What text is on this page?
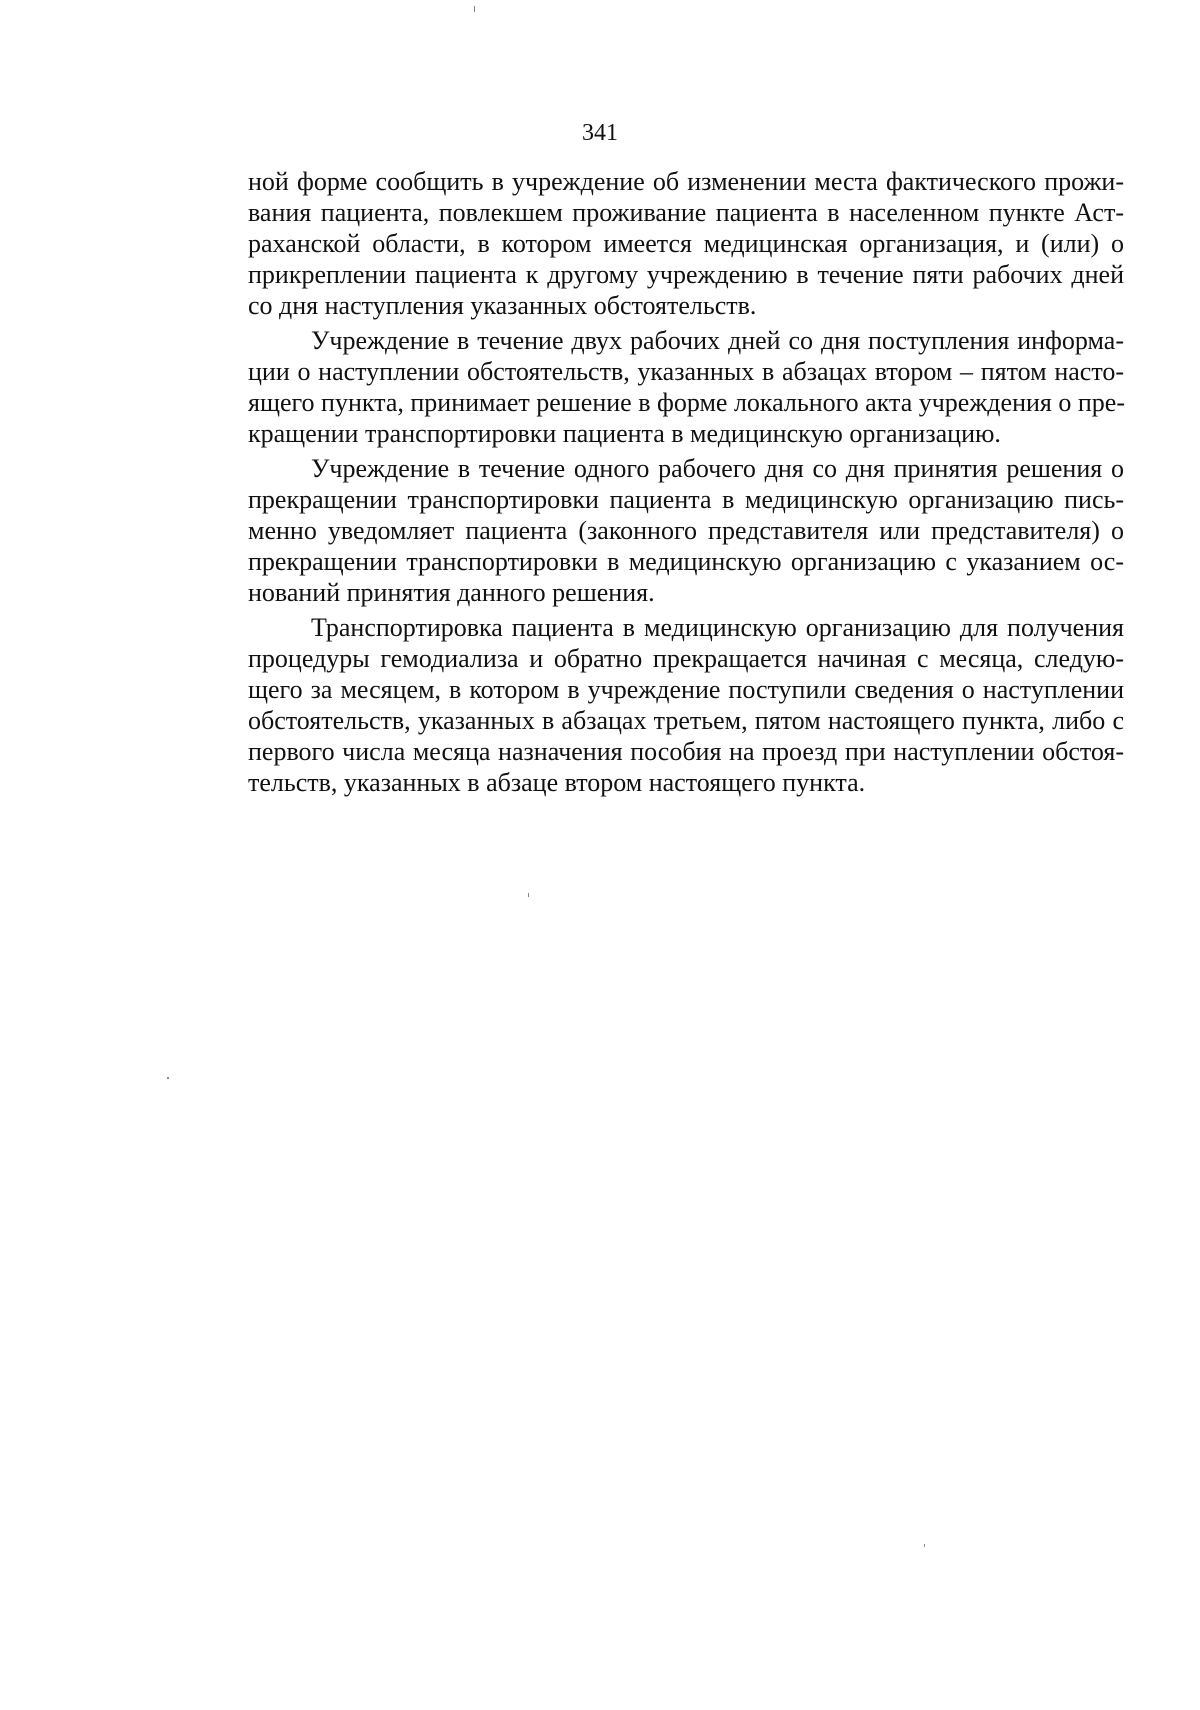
341

ной форме сообщить в учреждение об изменении места фактического прожи-
вания пациента, повлекшем проживание пациента в населенном пункте Аст-
раханской области, в котором имеется медицинская организация, и (или) о
прикреплении пациента к другому учреждению в течение пяти рабочих дней
со дня наступления указанных обстоятельств.

Учреждение в течение двух рабочих дней со дня поступления информа-
ции о наступлении обстоятельств, указанных в абзацах втором – пятом насто-
ящего пункта, принимает решение в форме локального акта учреждения о пре-
кращении транспортировки пациента в медицинскую организацию.

Учреждение в течение одного рабочего дня со дня принятия решения о
прекращении транспортировки пациента в медицинскую организацию пись-
менно уведомляет пациента (законного представителя или представителя) о
прекращении транспортировки в медицинскую организацию с указанием ос-
нований принятия данного решения.

Транспортировка пациента в медицинскую организацию для получения
процедуры гемодиализа и обратно прекращается начиная с месяца, следую-
щего за месяцем, в котором в учреждение поступили сведения о наступлении
обстоятельств, указанных в абзацах третьем, пятом настоящего пункта, либо с
первого числа месяца назначения пособия на проезд при наступлении обстоя-
тельств, указанных в абзаце втором настоящего пункта.
